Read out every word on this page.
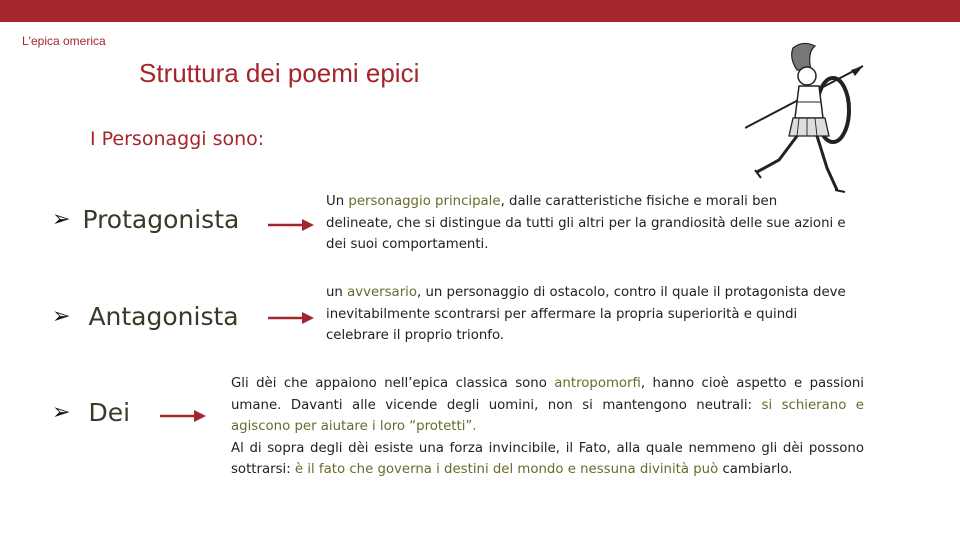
L'epica omerica
Struttura dei poemi epici
I Personaggi sono:
➢ Protagonista
Un personaggio principale, dalle caratteristiche fisiche e morali ben delineate, che si distingue da tutti gli altri per la grandiosità delle sue azioni e dei suoi comportamenti.
➢ Antagonista
un avversario, un personaggio di ostacolo, contro il quale il protagonista deve inevitabilmente scontrarsi per affermare la propria superiorità e quindi celebrare il proprio trionfo.
➢ Dei
Gli dèi che appaiono nell’epica classica sono antropomorfi, hanno cioè aspetto e passioni umane. Davanti alle vicende degli uomini, non si mantengono neutrali: si schierano e agiscono per aiutare i loro “protetti”.
Al di sopra degli dèi esiste una forza invincibile, il Fato, alla quale nemmeno gli dèi possono sottrarsi: è il fato che governa i destini del mondo e nessuna divinità può cambiarlo.
